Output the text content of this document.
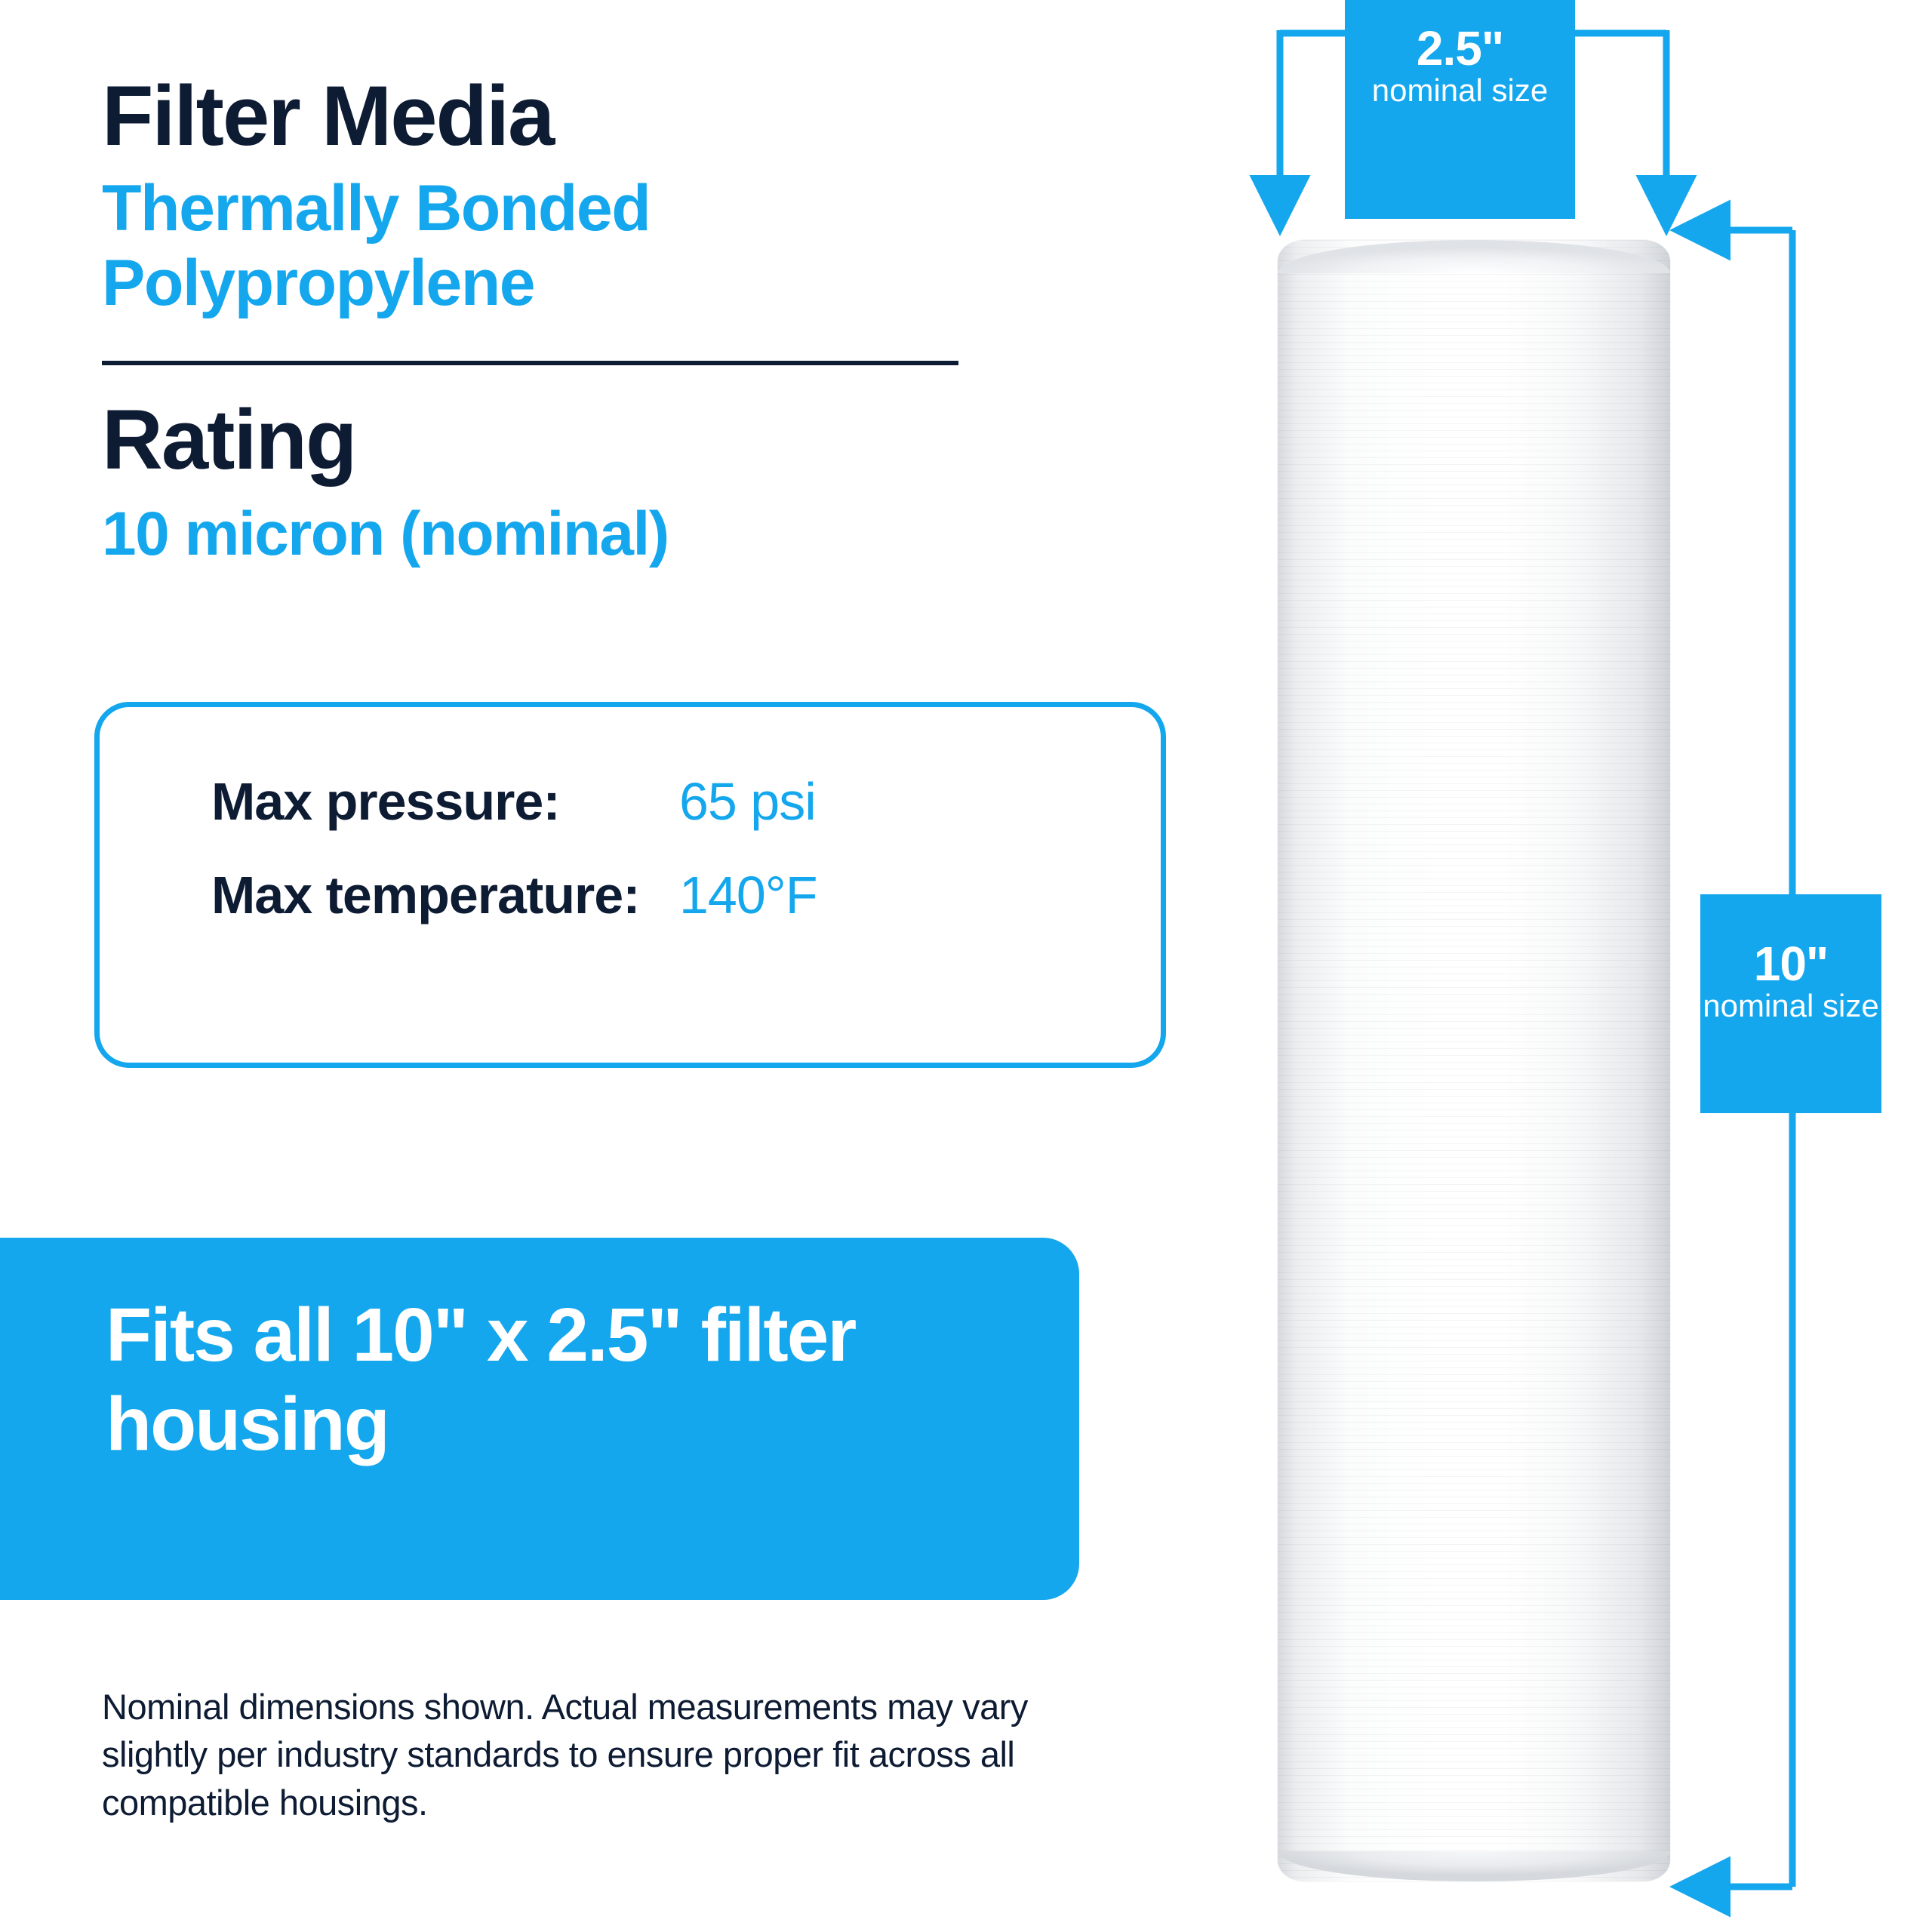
Filter Media
Thermally Bonded Polypropylene
Rating
10 micron (nominal)
Max pressure:	65 psi
Max temperature: 140°F
Fits all 10" x 2.5" filter housing
Nominal dimensions shown. Actual measurements may vary slightly per industry standards to ensure proper fit across all compatible housings.
2.5"
nominal size
10"
nominal size
